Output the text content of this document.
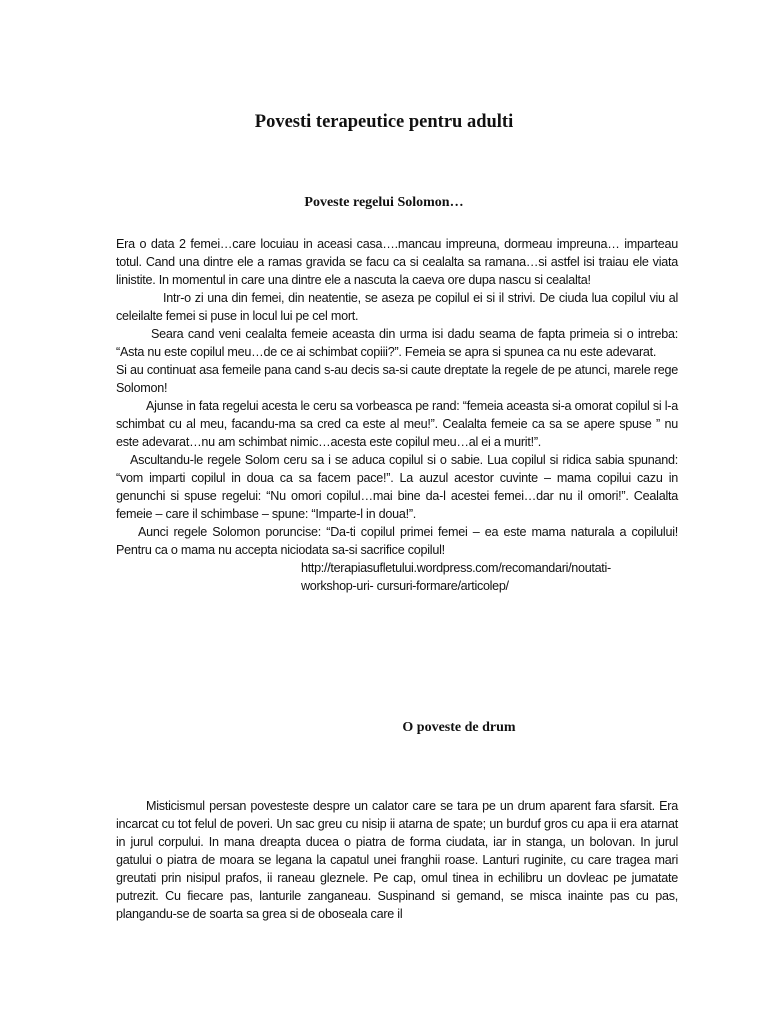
Povesti terapeutice pentru adulti
Poveste regelui Solomon…

Era o data 2 femei…care locuiau in aceasi casa….mancau impreuna, dormeau impreuna… imparteau totul. Cand una dintre ele a ramas gravida se facu ca si cealalta sa ramana…si astfel isi traiau ele viata linistite. In momentul in care una dintre ele a nascuta la caeva ore dupa nascu si cealalta!

Intr-o zi una din femei, din neatentie, se aseza pe copilul ei si il strivi. De ciuda lua copilul viu al celeilalte femei si puse in locul lui pe cel mort.

Seara cand veni cealalta femeie aceasta din urma isi dadu seama de fapta primeia si o intreba: “Asta nu este copilul meu…de ce ai schimbat copiii?”. Femeia se apra si spunea ca nu este adevarat.

Si au continuat asa femeile pana cand s-au decis sa-si caute dreptate la regele de pe atunci, marele rege Solomon!

Ajunse in fata regelui acesta le ceru sa vorbeasca pe rand: “femeia aceasta si-a omorat copilul si l-a schimbat cu al meu, facandu-ma sa cred ca este al meu!”. Cealalta femeie ca sa se apere spuse ” nu este adevarat…nu am schimbat nimic…acesta este copilul meu…al ei a murit!”.

Ascultandu-le regele Solom ceru sa i se aduca copilul si o sabie. Lua copilul si ridica sabia spunand: “vom imparti copilul in doua ca sa facem pace!”. La auzul acestor cuvinte – mama copilui cazu in genunchi si spuse regelui: “Nu omori copilul…mai bine da-l acestei femei…dar nu il omori!”. Cealalta femeie – care il schimbase – spune: “Imparte-l in doua!”.

Aunci regele Solomon poruncise: “Da-ti copilul primei femei – ea este mama naturala a copilului! Pentru ca o mama nu accepta niciodata sa-si sacrifice copilul!

http://terapiasufletului.wordpress.com/recomandari/noutati-
workshop-uri- cursuri-formare/articolep/
O poveste de drum

Misticismul persan povesteste despre un calator care se tara pe un drum aparent fara sfarsit. Era incarcat cu tot felul de poveri. Un sac greu cu nisip ii atarna de spate; un burduf gros cu apa ii era atarnat in jurul corpului. In mana dreapta ducea o piatra de forma ciudata, iar in stanga, un bolovan. In jurul gatului o piatra de moara se legana la capatul unei franghii roase. Lanturi ruginite, cu care tragea mari greutati prin nisipul prafos, ii raneau gleznele. Pe cap, omul tinea in echilibru un dovleac pe jumatate putrezit. Cu fiecare pas, lanturile zanganeau. Suspinand si gemand, se misca inainte pas cu pas, plangandu-se de soarta sa grea si de oboseala care il
